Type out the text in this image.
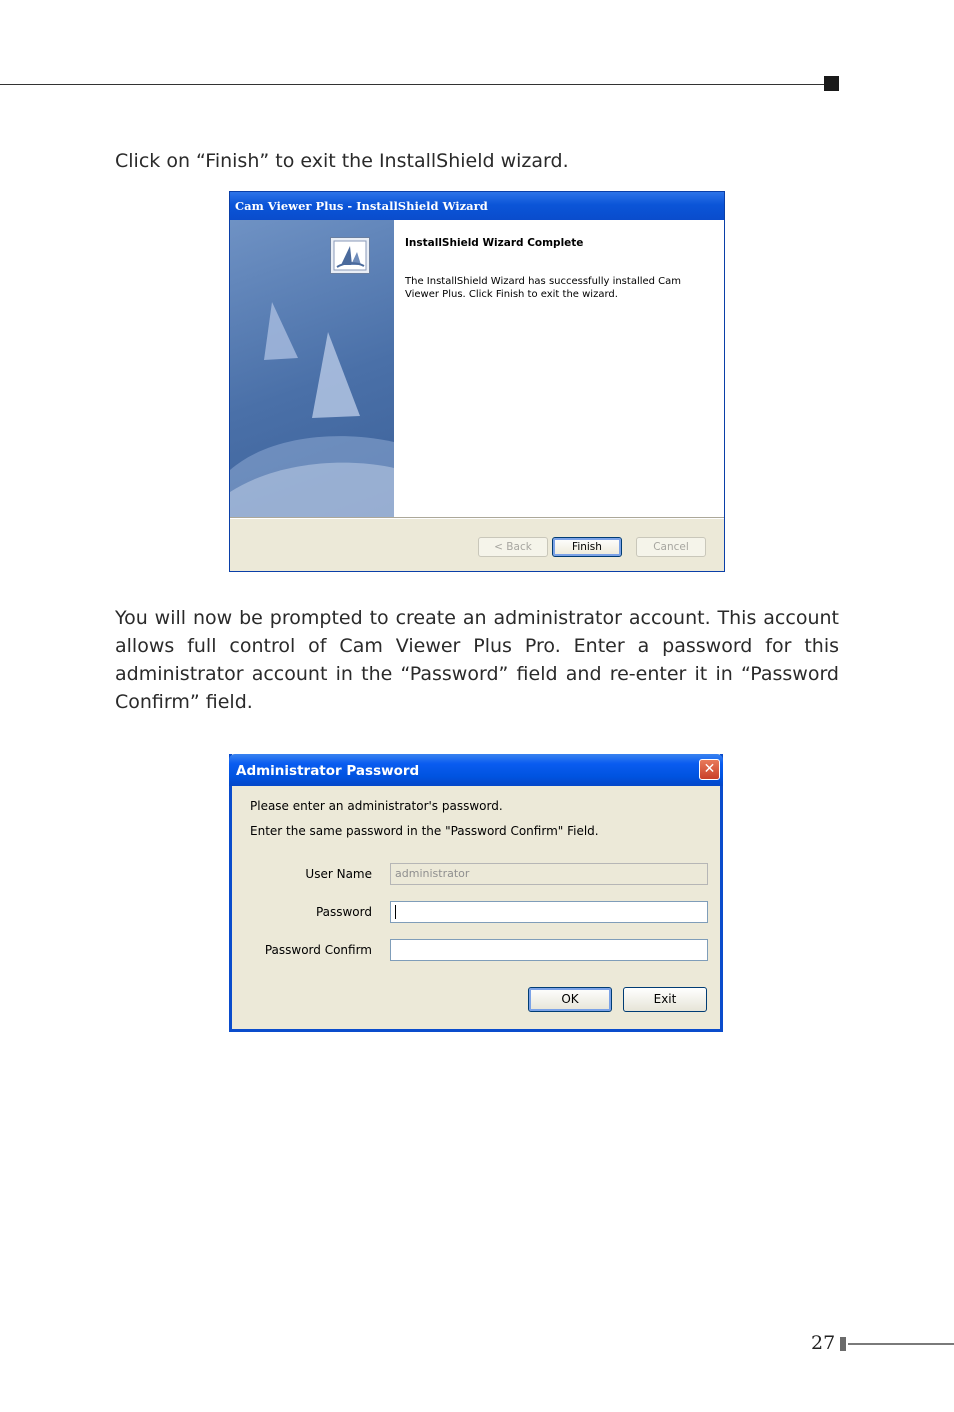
Click on “Finish” to exit the InstallShield wizard.
Cam Viewer Plus - InstallShield Wizard
InstallShield Wizard Complete
The InstallShield Wizard has successfully installed Cam Viewer Plus. Click Finish to exit the wizard.
< Back	Finish	Cancel
You will now be prompted to create an administrator account. This account allows full control of Cam Viewer Plus Pro. Enter a password for this administrator account in the “Password” field and re-enter it in “Password Confirm” field.
Administrator Password	✕
Please enter an administrator's password.
Enter the same password in the "Password Confirm" Field.
User Name	administrator
Password
Password Confirm
OK	Exit
27
